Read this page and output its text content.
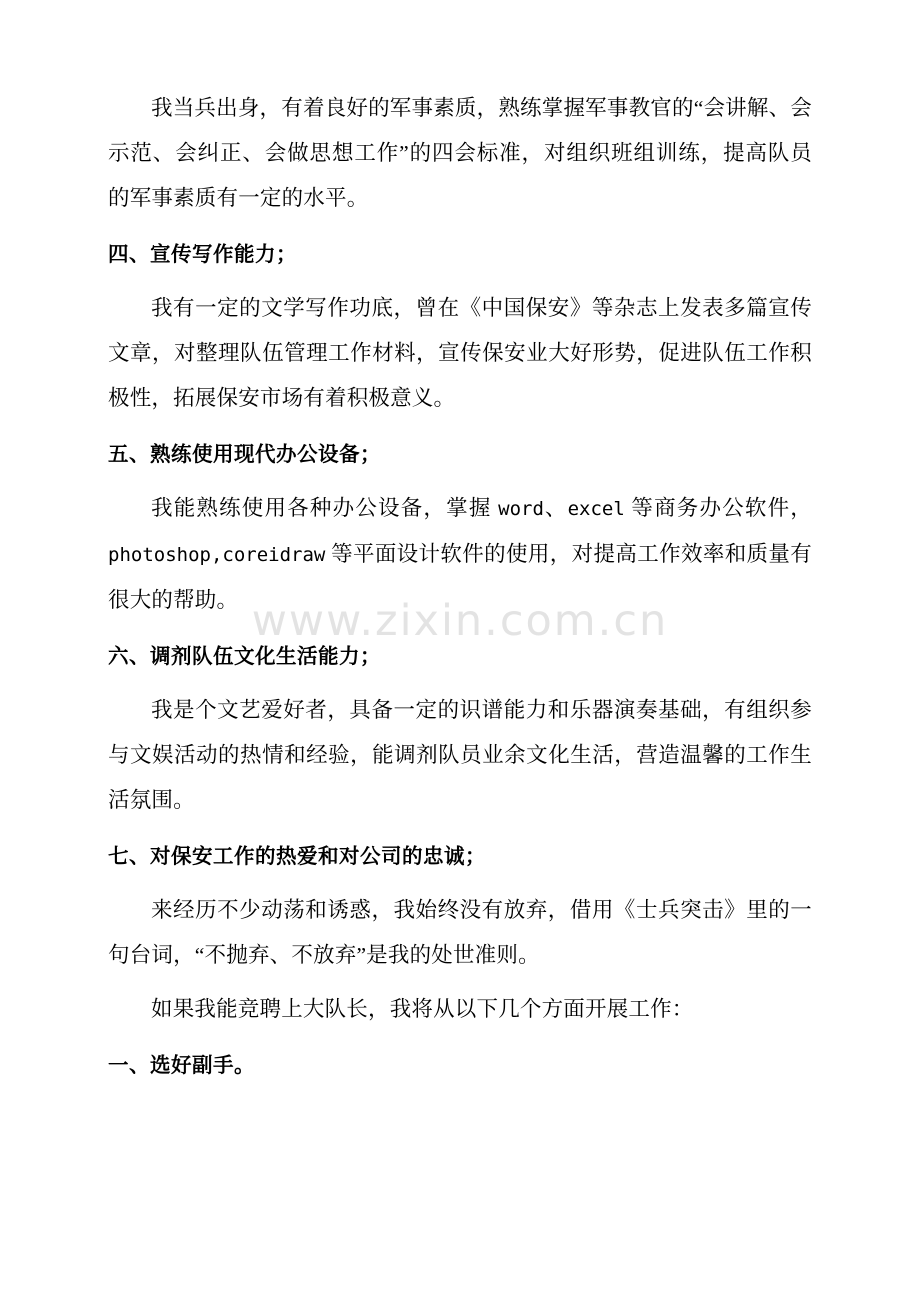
www.zixin.com.cn

我当兵出身，有着良好的军事素质，熟练掌握军事教官的“会讲解、会示范、会纠正、会做思想工作”的四会标准，对组织班组训练，提高队员的军事素质有一定的水平。

四、宣传写作能力；

我有一定的文学写作功底，曾在《中国保安》等杂志上发表多篇宣传文章，对整理队伍管理工作材料，宣传保安业大好形势，促进队伍工作积极性，拓展保安市场有着积极意义。

五、熟练使用现代办公设备；

我能熟练使用各种办公设备，掌握 word、excel 等商务办公软件，photoshop,coreidraw 等平面设计软件的使用，对提高工作效率和质量有很大的帮助。

六、调剂队伍文化生活能力；

我是个文艺爱好者，具备一定的识谱能力和乐器演奏基础，有组织参与文娱活动的热情和经验，能调剂队员业余文化生活，营造温馨的工作生活氛围。

七、对保安工作的热爱和对公司的忠诚；

来经历不少动荡和诱惑，我始终没有放弃，借用《士兵突击》里的一句台词，“不抛弃、不放弃”是我的处世准则。

如果我能竞聘上大队长，我将从以下几个方面开展工作：

一、选好副手。
